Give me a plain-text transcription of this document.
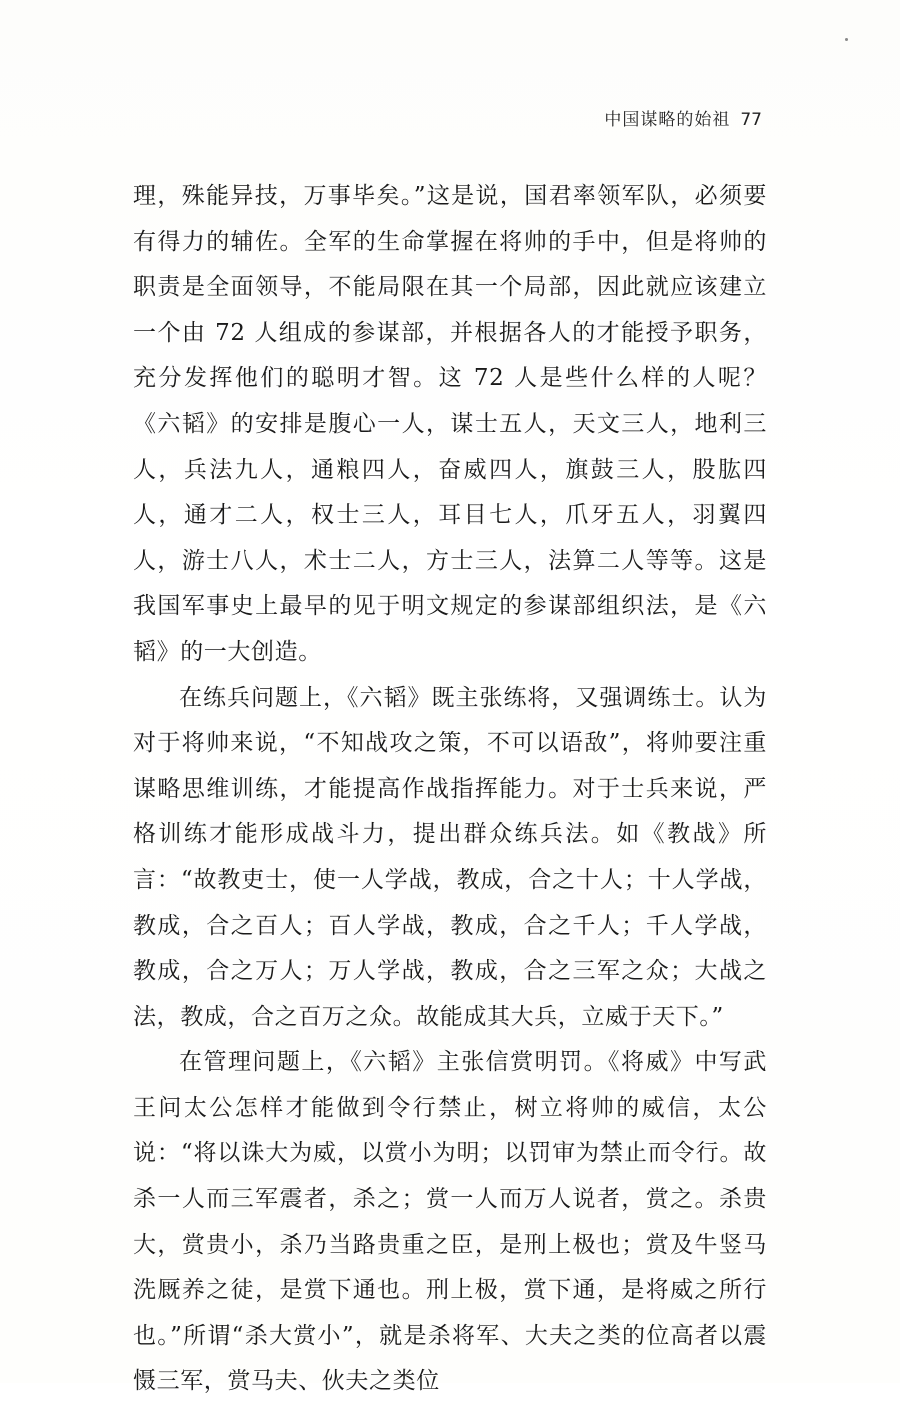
中国谋略的始祖 77

理，殊能异技，万事毕矣。”这是说，国君率领军队，必须要有得力的辅佐。全军的生命掌握在将帅的手中，但是将帅的职责是全面领导，不能局限在其一个局部，因此就应该建立一个由 72 人组成的参谋部，并根据各人的才能授予职务，充分发挥他们的聪明才智。这 72 人是些什么样的人呢？《六韬》的安排是腹心一人，谋士五人，天文三人，地利三人，兵法九人，通粮四人，奋威四人，旗鼓三人，股肱四人，通才二人，权士三人，耳目七人，爪牙五人，羽翼四人，游士八人，术士二人，方士三人，法算二人等等。这是我国军事史上最早的见于明文规定的参谋部组织法，是《六韬》的一大创造。

在练兵问题上，《六韬》既主张练将，又强调练士。认为对于将帅来说，“不知战攻之策，不可以语敌”，将帅要注重谋略思维训练，才能提高作战指挥能力。对于士兵来说，严格训练才能形成战斗力，提出群众练兵法。如《教战》所言：“故教吏士，使一人学战，教成，合之十人；十人学战，教成，合之百人；百人学战，教成，合之千人；千人学战，教成，合之万人；万人学战，教成，合之三军之众；大战之法，教成，合之百万之众。故能成其大兵，立威于天下。”

在管理问题上，《六韬》主张信赏明罚。《将威》中写武王问太公怎样才能做到令行禁止，树立将帅的威信，太公说：“将以诛大为威，以赏小为明；以罚审为禁止而令行。故杀一人而三军震者，杀之；赏一人而万人说者，赏之。杀贵大，赏贵小，杀乃当路贵重之臣，是刑上极也；赏及牛竖马洗厩养之徒，是赏下通也。刑上极，赏下通，是将威之所行也。”所谓“杀大赏小”，就是杀将军、大夫之类的位高者以震慑三军，赏马夫、伙夫之类位
